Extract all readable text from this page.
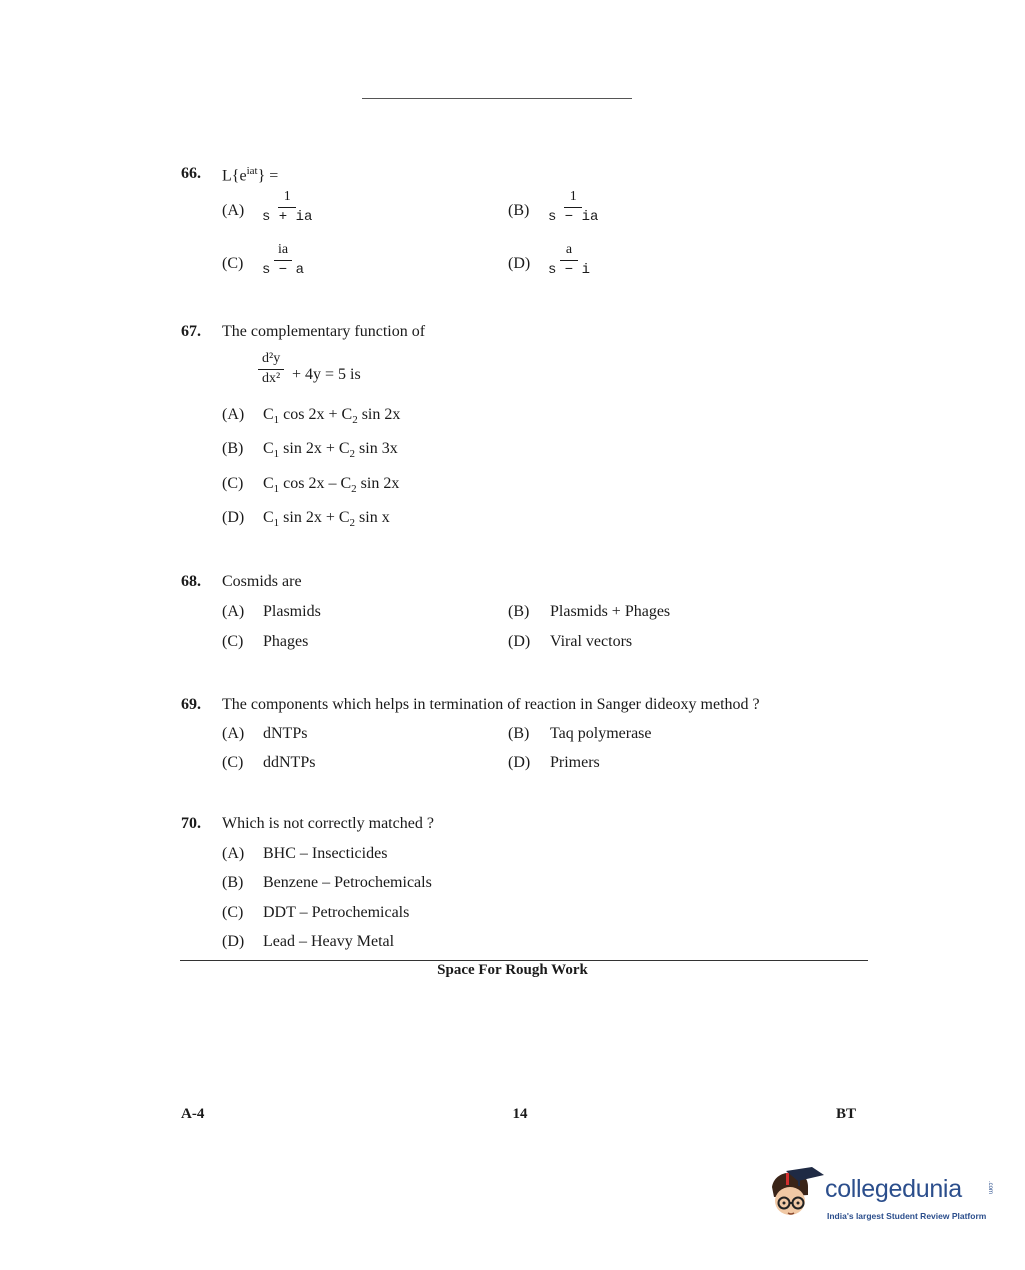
66. $L\{e^{iat}\}$ =
$(A) \frac{1}{s + ia}$	$(B) \frac{1}{s - ia}$
$(C) \frac{ia}{s - a}$	$(D) \frac{a}{s - i}$
67. The complementary function of
$\frac{\text{d²y}}{\text{dx²}} + 4y = 5$ is
(A) $C_1$ $\cos 2x + C_2$ sin 2x
(B) $C_1$ $\sin 2x + C_2$ sin 3x
(C) $C_1$ $\cos 2x - C_2$ sin 2x
(D) $C_1$ $\sin 2x + C_2$ sin x
68. Cosmids are
(A) Plasmids	(B) Plasmids + Phages
(C) Phages	(D) Viral vectors
69. The components which helps in termination of reaction in Sanger dideoxy method ?
(A) dNTPs	(B) Taq polymerase
(C) ddNTPs	(D) Primers
70. Which is not correctly matched ?
(A) BHC – Insecticides
(B) Benzene – Petrochemicals
(C) DDT – Petrochemicals
(D) Lead – Heavy Metal
Space For Rough Work
A-4	14	BT
collegedunia	.com
India's largest Student Review Platform
